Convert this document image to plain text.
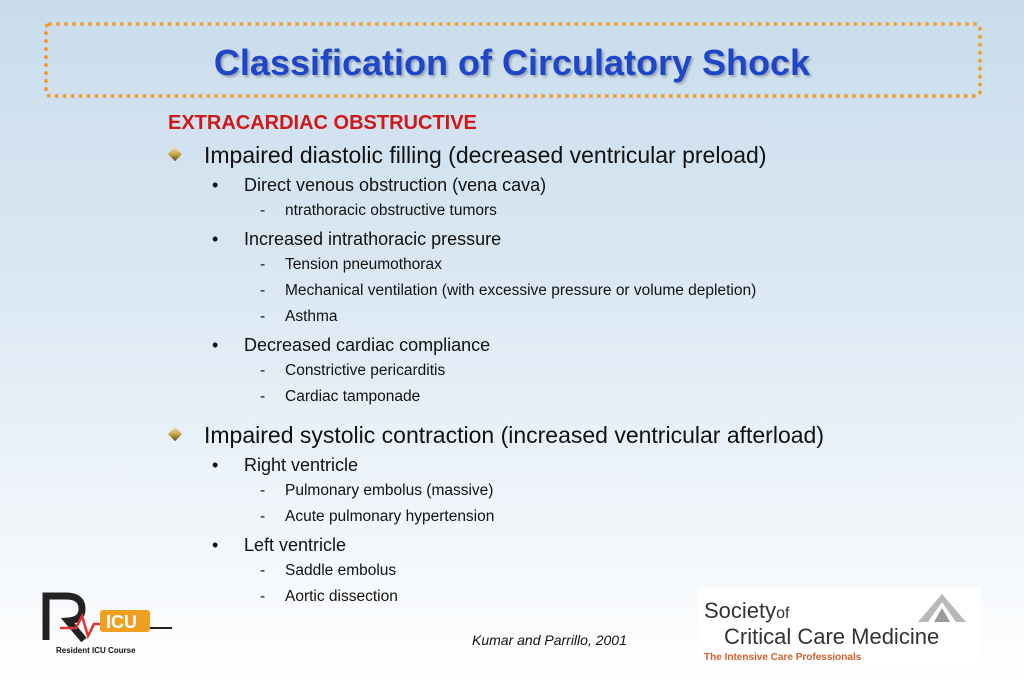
Classification of Circulatory Shock
EXTRACARDIAC OBSTRUCTIVE
Impaired diastolic filling (decreased ventricular preload)
• Direct venous obstruction (vena cava)
- ntrathoracic obstructive tumors
• Increased intrathoracic pressure
- Tension pneumothorax
- Mechanical ventilation (with excessive pressure or volume depletion)
- Asthma
• Decreased cardiac compliance
- Constrictive pericarditis
- Cardiac tamponade
Impaired systolic contraction (increased ventricular afterload)
• Right ventricle
- Pulmonary embolus (massive)
- Acute pulmonary hypertension
• Left ventricle
- Saddle embolus
- Aortic dissection
Kumar and Parrillo, 2001
ICU
Resident ICU Course
Societyof
Critical Care Medicine
The Intensive Care Professionals
